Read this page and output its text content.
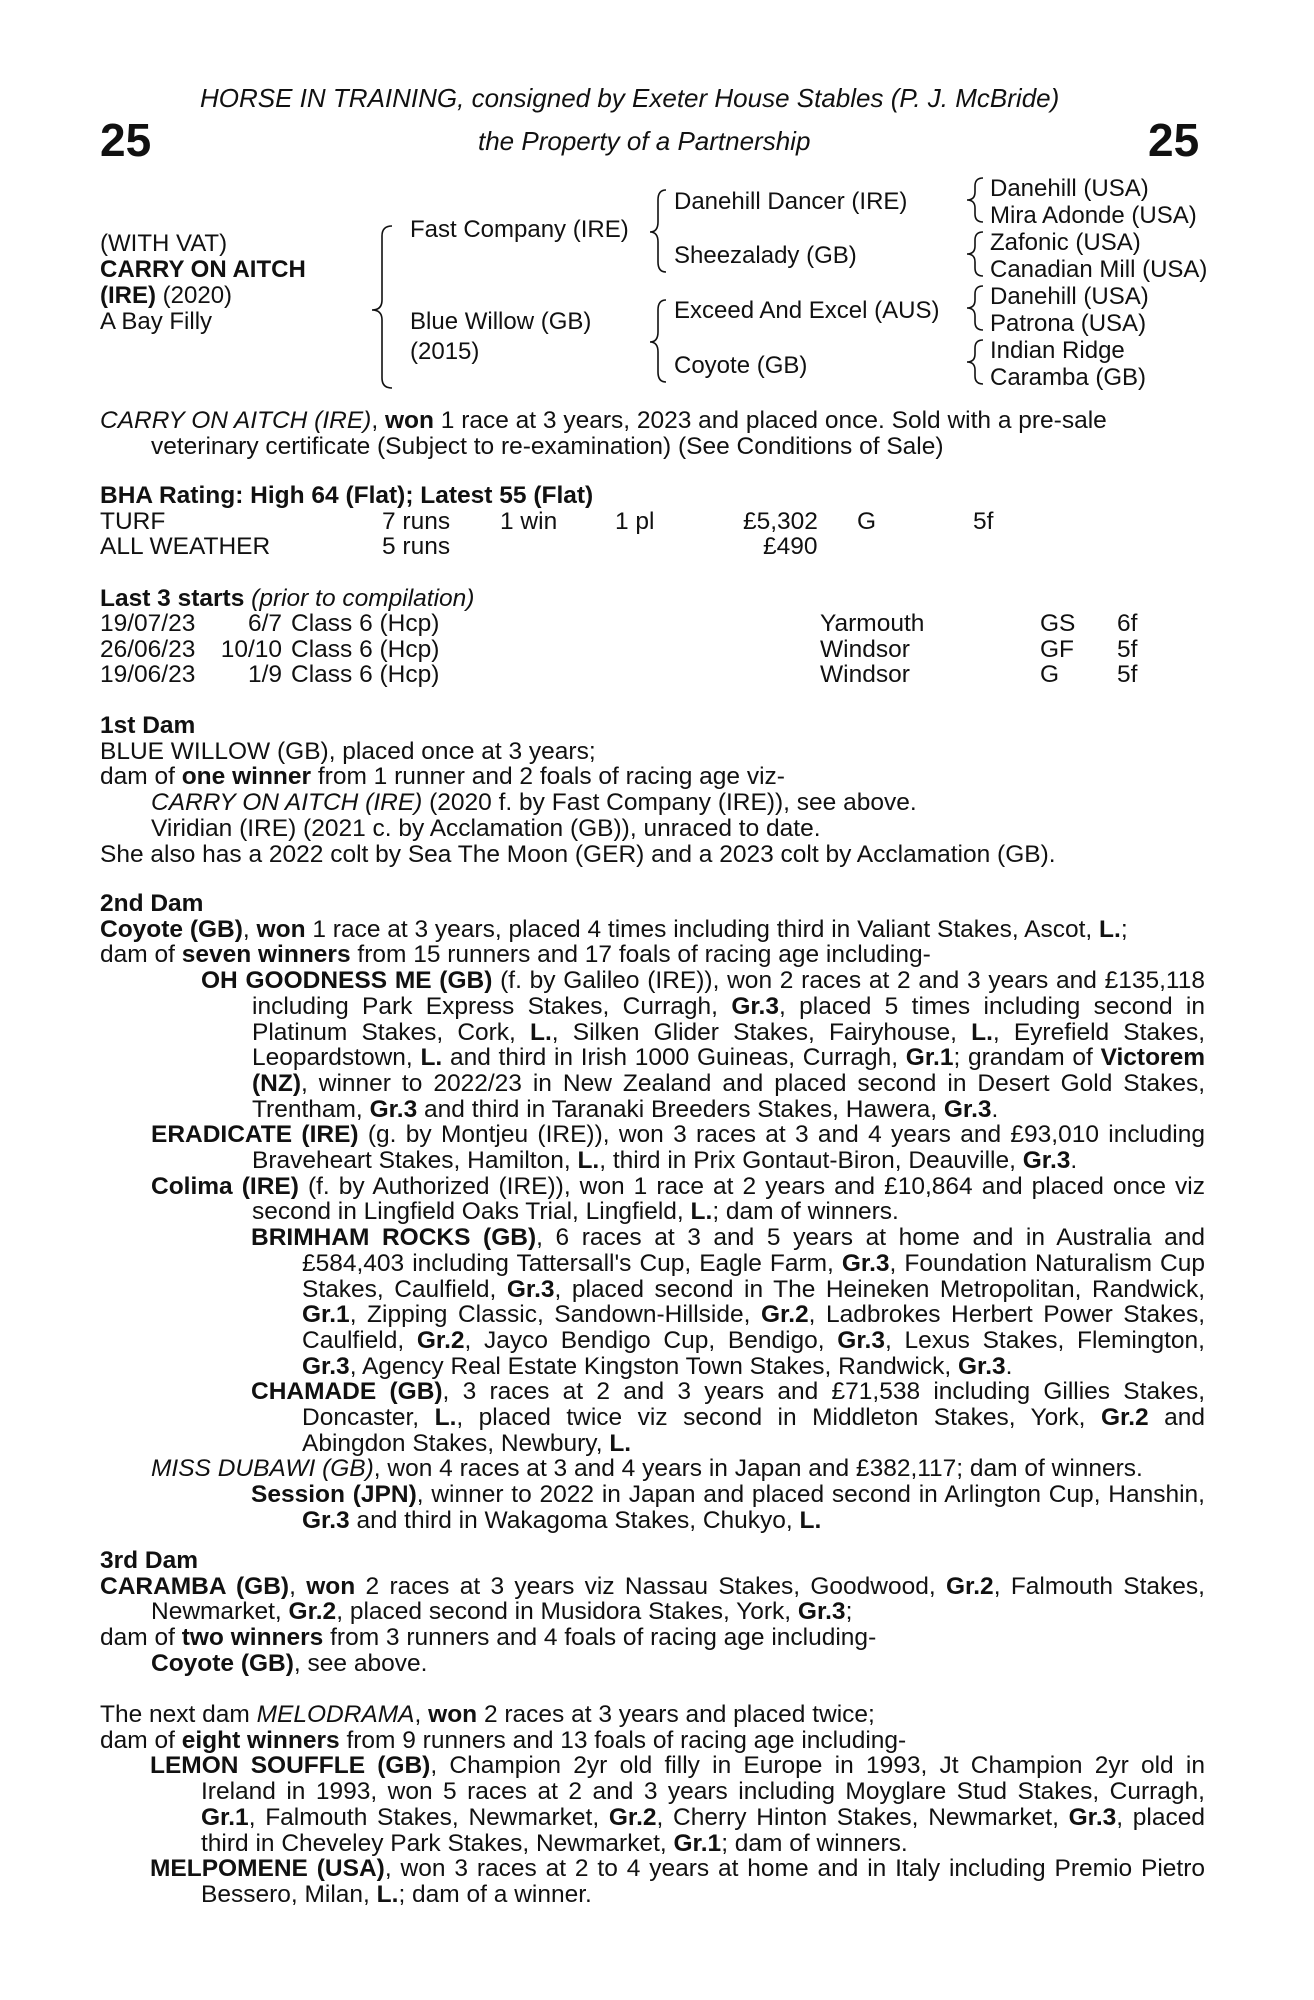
HORSE IN TRAINING, consigned by Exeter House Stables (P. J. McBride)
the Property of a Partnership
25	25
(WITH VAT)
CARRY ON AITCH
(IRE) (2020)
A Bay Filly
Fast Company (IRE)
Blue Willow (GB)
(2015)
Danehill Dancer (IRE)
Sheezalady (GB)
Exceed And Excel (AUS)
Coyote (GB)
Danehill (USA)
Mira Adonde (USA)
Zafonic (USA)
Canadian Mill (USA)
Danehill (USA)
Patrona (USA)
Indian Ridge
Caramba (GB)

CARRY ON AITCH (IRE), won 1 race at 3 years, 2023 and placed once. Sold with a pre-sale

veterinary certificate (Subject to re-examination) (See Conditions of Sale)

BHA Rating: High 64 (Flat); Latest 55 (Flat)
TURF	7 runs 1 win 1 pl	£5,302 G	5f
ALL WEATHER	5 runs	£490
Last 3 starts (prior to compilation)
19/07/23	6/7 Class 6 (Hcp)	Yarmouth	GS 6f
26/06/23	10/10 Class 6 (Hcp)	Windsor	GF 5f
19/06/23	1/9 Class 6 (Hcp)	Windsor	G 5f

1st Dam

BLUE WILLOW (GB), placed once at 3 years;

dam of one winner from 1 runner and 2 foals of racing age viz-

CARRY ON AITCH (IRE) (2020 f. by Fast Company (IRE)), see above.

Viridian (IRE) (2021 c. by Acclamation (GB)), unraced to date.

She also has a 2022 colt by Sea The Moon (GER) and a 2023 colt by Acclamation (GB).

2nd Dam

Coyote (GB), won 1 race at 3 years, placed 4 times including third in Valiant Stakes, Ascot, L.;

dam of seven winners from 15 runners and 17 foals of racing age including-

OH GOODNESS ME (GB) (f. by Galileo (IRE)), won 2 races at 2 and 3 years and £135,118 including Park Express Stakes, Curragh, Gr.3, placed 5 times including second in Platinum Stakes, Cork, L., Silken Glider Stakes, Fairyhouse, L., Eyrefield Stakes, Leopardstown, L. and third in Irish 1000 Guineas, Curragh, Gr.1; grandam of Victorem (NZ), winner to 2022/23 in New Zealand and placed second in Desert Gold Stakes, Trentham, Gr.3 and third in Taranaki Breeders Stakes, Hawera, Gr.3.

ERADICATE (IRE) (g. by Montjeu (IRE)), won 3 races at 3 and 4 years and £93,010 including Braveheart Stakes, Hamilton, L., third in Prix Gontaut-Biron, Deauville, Gr.3.

Colima (IRE) (f. by Authorized (IRE)), won 1 race at 2 years and £10,864 and placed once viz second in Lingfield Oaks Trial, Lingfield, L.; dam of winners.

BRIMHAM ROCKS (GB), 6 races at 3 and 5 years at home and in Australia and £584,403 including Tattersall's Cup, Eagle Farm, Gr.3, Foundation Naturalism Cup Stakes, Caulfield, Gr.3, placed second in The Heineken Metropolitan, Randwick, Gr.1, Zipping Classic, Sandown-Hillside, Gr.2, Ladbrokes Herbert Power Stakes, Caulfield, Gr.2, Jayco Bendigo Cup, Bendigo, Gr.3, Lexus Stakes, Flemington, Gr.3, Agency Real Estate Kingston Town Stakes, Randwick, Gr.3.

CHAMADE (GB), 3 races at 2 and 3 years and £71,538 including Gillies Stakes, Doncaster, L., placed twice viz second in Middleton Stakes, York, Gr.2 and Abingdon Stakes, Newbury, L.

MISS DUBAWI (GB), won 4 races at 3 and 4 years in Japan and £382,117; dam of winners.

Session (JPN), winner to 2022 in Japan and placed second in Arlington Cup, Hanshin, Gr.3 and third in Wakagoma Stakes, Chukyo, L.

3rd Dam

CARAMBA (GB), won 2 races at 3 years viz Nassau Stakes, Goodwood, Gr.2, Falmouth Stakes, Newmarket, Gr.2, placed second in Musidora Stakes, York, Gr.3;

dam of two winners from 3 runners and 4 foals of racing age including-

Coyote (GB), see above.

The next dam MELODRAMA, won 2 races at 3 years and placed twice;

dam of eight winners from 9 runners and 13 foals of racing age including-

LEMON SOUFFLE (GB), Champion 2yr old filly in Europe in 1993, Jt Champion 2yr old in Ireland in 1993, won 5 races at 2 and 3 years including Moyglare Stud Stakes, Curragh, Gr.1, Falmouth Stakes, Newmarket, Gr.2, Cherry Hinton Stakes, Newmarket, Gr.3, placed third in Cheveley Park Stakes, Newmarket, Gr.1; dam of winners.

MELPOMENE (USA), won 3 races at 2 to 4 years at home and in Italy including Premio Pietro Bessero, Milan, L.; dam of a winner.
